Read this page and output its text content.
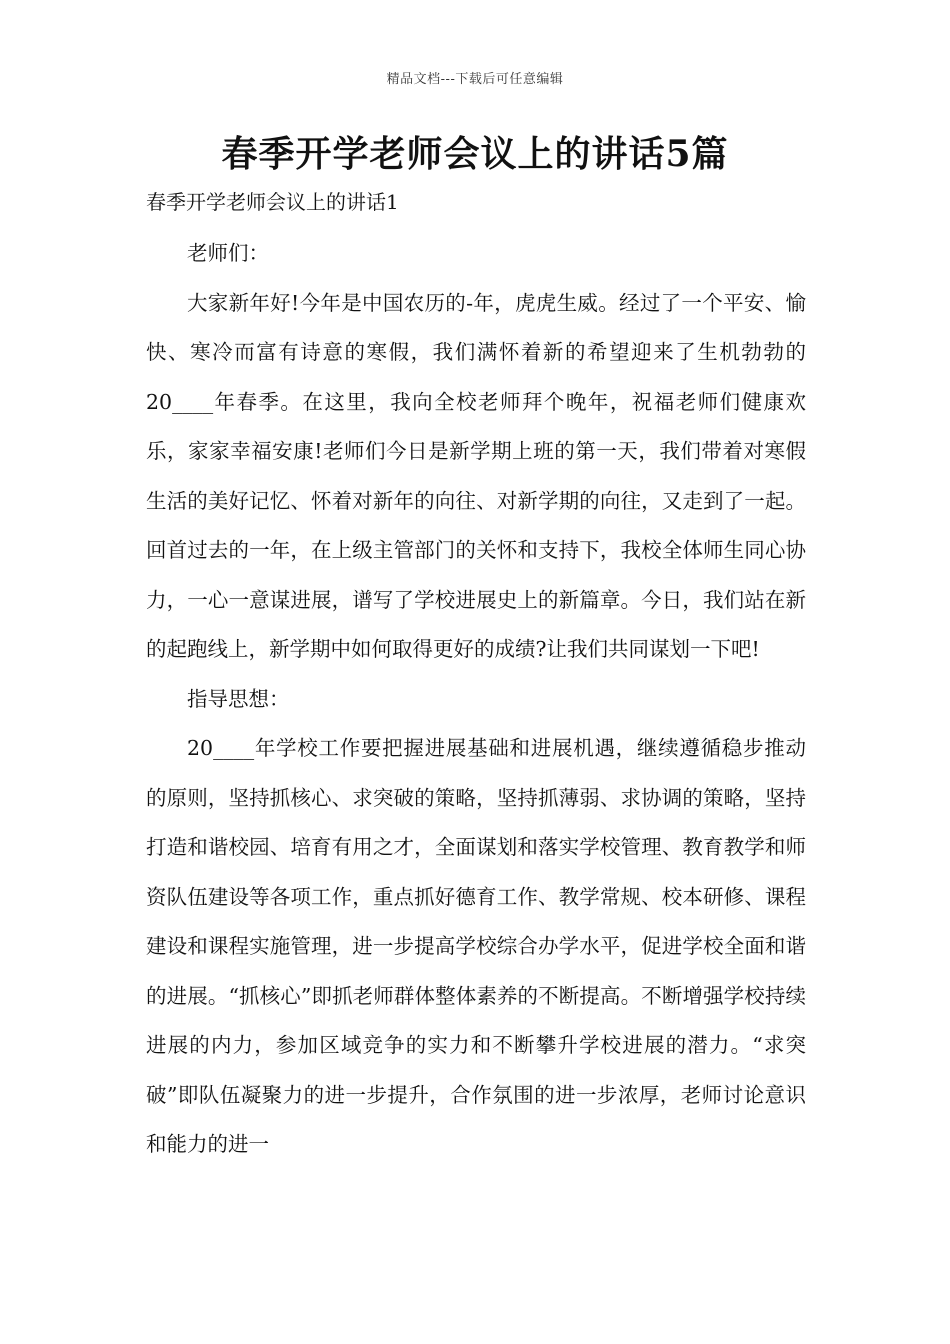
精品文档---下载后可任意编辑
春季开学老师会议上的讲话5篇
春季开学老师会议上的讲话1

老师们：

大家新年好!今年是中国农历的-年，虎虎生威。经过了一个平安、愉快、寒冷而富有诗意的寒假，我们满怀着新的希望迎来了生机勃勃的20____年春季。在这里，我向全校老师拜个晚年，祝福老师们健康欢乐，家家幸福安康!老师们今日是新学期上班的第一天，我们带着对寒假生活的美好记忆、怀着对新年的向往、对新学期的向往，又走到了一起。回首过去的一年，在上级主管部门的关怀和支持下，我校全体师生同心协力，一心一意谋进展，谱写了学校进展史上的新篇章。今日，我们站在新的起跑线上，新学期中如何取得更好的成绩?让我们共同谋划一下吧!

指导思想：

20____年学校工作要把握进展基础和进展机遇，继续遵循稳步推动的原则，坚持抓核心、求突破的策略，坚持抓薄弱、求协调的策略，坚持打造和谐校园、培育有用之才，全面谋划和落实学校管理、教育教学和师资队伍建设等各项工作，重点抓好德育工作、教学常规、校本研修、课程建设和课程实施管理，进一步提高学校综合办学水平，促进学校全面和谐的进展。“抓核心”即抓老师群体整体素养的不断提高。不断增强学校持续进展的内力，参加区域竞争的实力和不断攀升学校进展的潜力。“求突破”即队伍凝聚力的进一步提升，合作氛围的进一步浓厚，老师讨论意识和能力的进一
